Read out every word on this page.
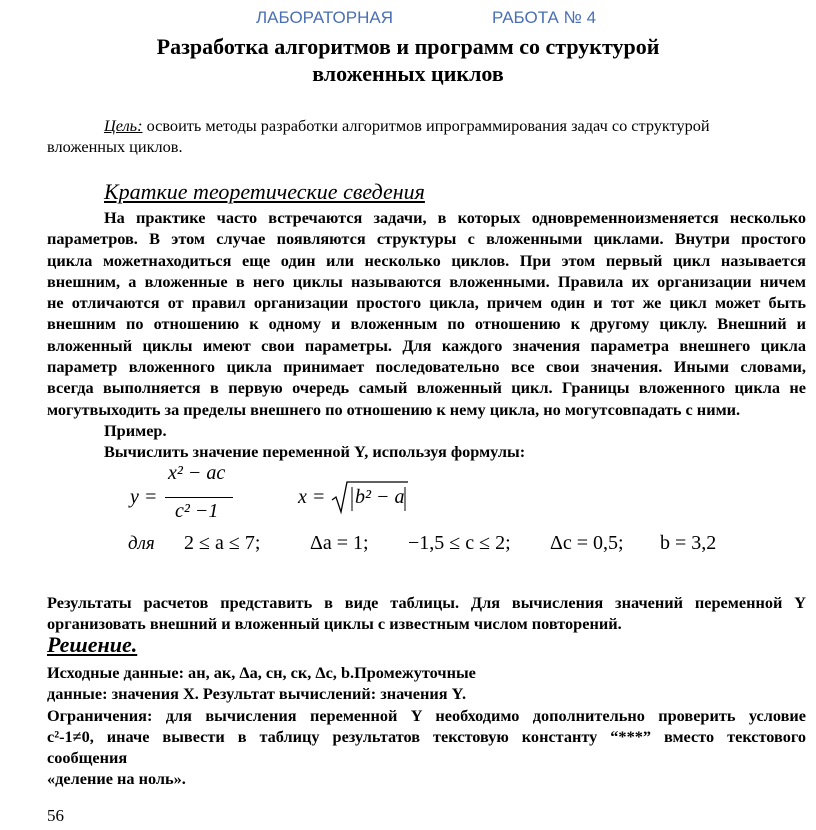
ЛАБОРАТОРНАЯ	РАБОТА № 4
Разработка алгоритмов и программ со структурой
вложенных циклов

Цель: освоить методы разработки алгоритмов ипрограммирования задач со структурой

вложенных циклов.

Краткие теоретические сведения

На практике часто встречаются задачи, в которых одновременноизменяется несколько

параметров. В этом случае появляются структуры с вложенными циклами. Внутри простого

цикла можетнаходиться еще один или несколько циклов. При этом первый цикл называется

внешним, а вложенные в него циклы называются вложенными. Правила их организации ничем

не отличаются от правил организации простого цикла, причем один и тот же цикл может быть

внешним по отношению к одному и вложенным по отношению к другому циклу. Внешний и

вложенный циклы имеют свои параметры. Для каждого значения параметра внешнего цикла

параметр вложенного цикла принимает последовательно все свои значения. Иными словами,

всегда выполняется в первую очередь самый вложенный цикл. Границы вложенного цикла не

могутвыходить за пределы внешнего по отношению к нему цикла, но могутсовпадать с ними.

Пример.

Вычислить значение переменной Y, используя формулы:

y =
x² − ac
c² −1
x = b² − a
для 2 ≤ a ≤ 7; Δa = 1; −1,5 ≤ c ≤ 2; Δc = 0,5; b = 3,2

Результаты расчетов представить в виде таблицы. Для вычисления значений переменной Y

организовать внешний и вложенный циклы с известным числом повторений.

Решение.

Исходные данные: aн, aк, Δa, cн, cк, Δc, b.Промежуточные

данные: значения X. Результат вычислений: значения Y.

Ограничения: для вычисления переменной Y необходимо дополнительно проверить условие

c²-1≠0, иначе вывести в таблицу результатов текстовую константу “***” вместо текстового

сообщения

«деление на ноль».

56
